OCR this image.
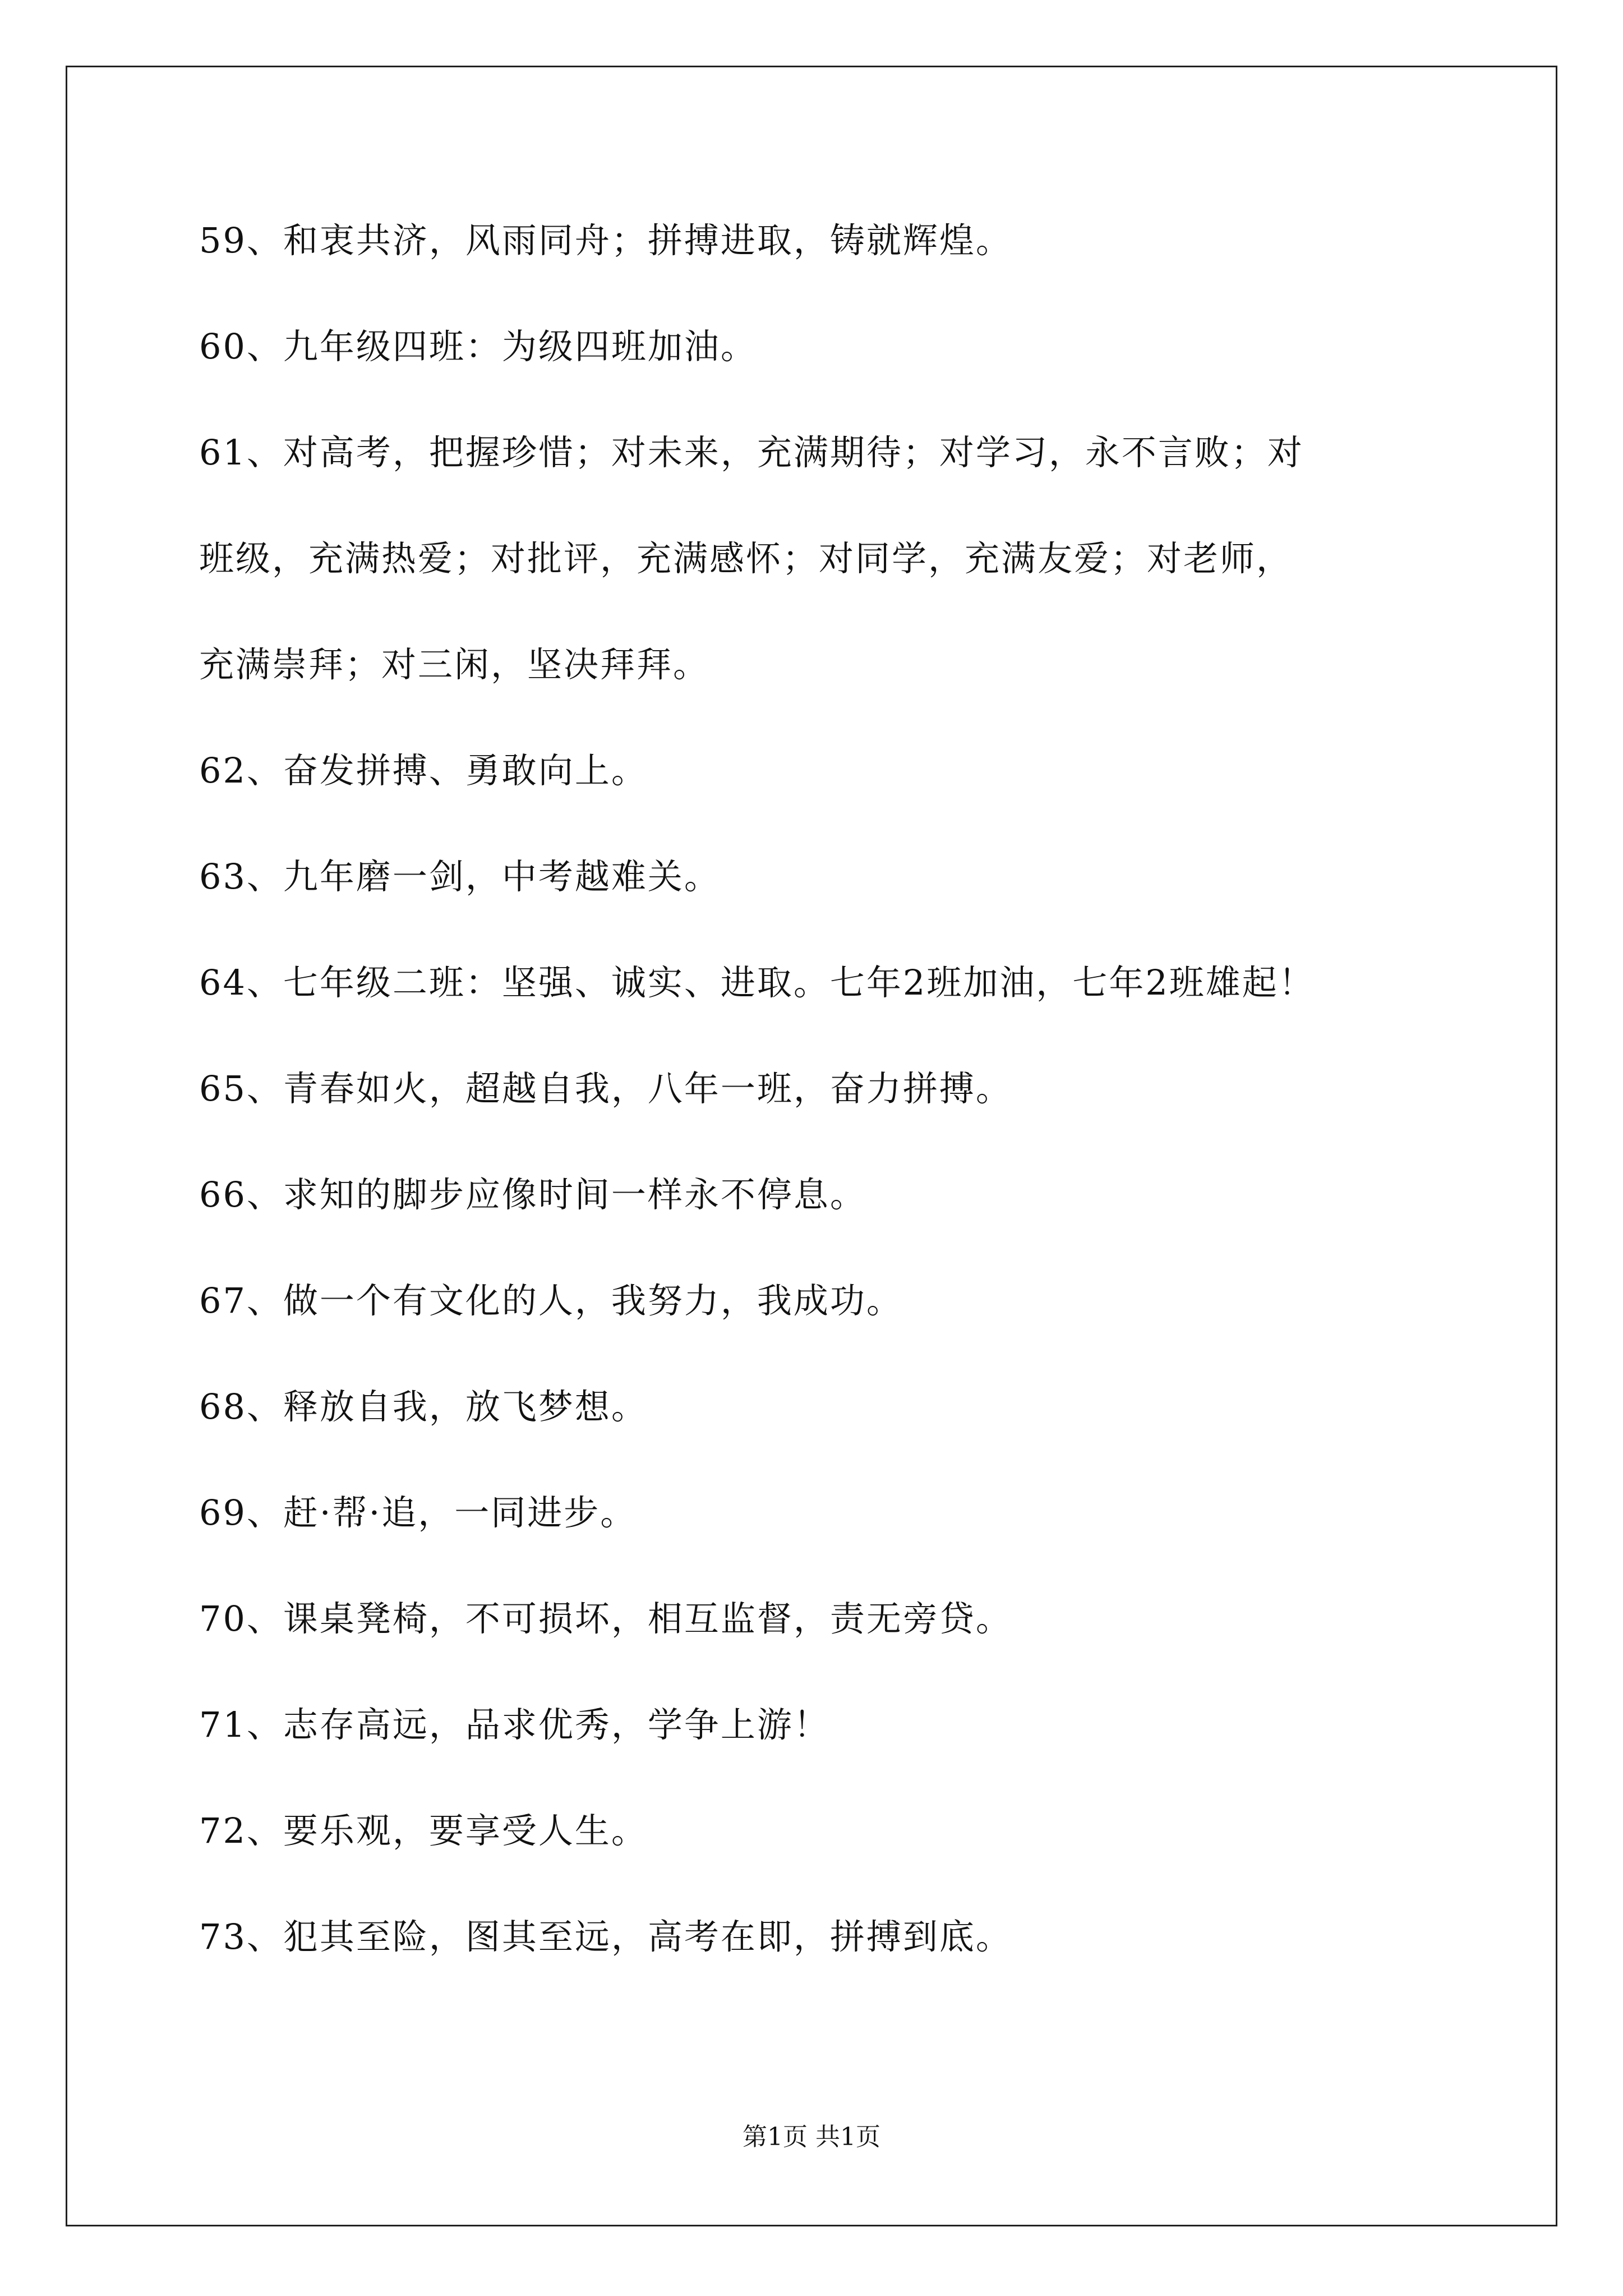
59、和衷共济，风雨同舟；拼搏进取，铸就辉煌。
60、九年级四班：为级四班加油。
61、对高考，把握珍惜；对未来，充满期待；对学习，永不言败；对
班级，充满热爱；对批评，充满感怀；对同学，充满友爱；对老师，
充满崇拜；对三闲，坚决拜拜。
62、奋发拼搏、勇敢向上。
63、九年磨一剑，中考越难关。
64、七年级二班：坚强、诚实、进取。七年2班加油，七年2班雄起！
65、青春如火，超越自我，八年一班，奋力拼搏。
66、求知的脚步应像时间一样永不停息。
67、做一个有文化的人，我努力，我成功。
68、释放自我，放飞梦想。
69、赶·帮·追，一同进步。
70、课桌凳椅，不可损坏，相互监督，责无旁贷。
71、志存高远，品求优秀，学争上游！
72、要乐观，要享受人生。
73、犯其至险，图其至远，高考在即，拼搏到底。
第1页 共1页
